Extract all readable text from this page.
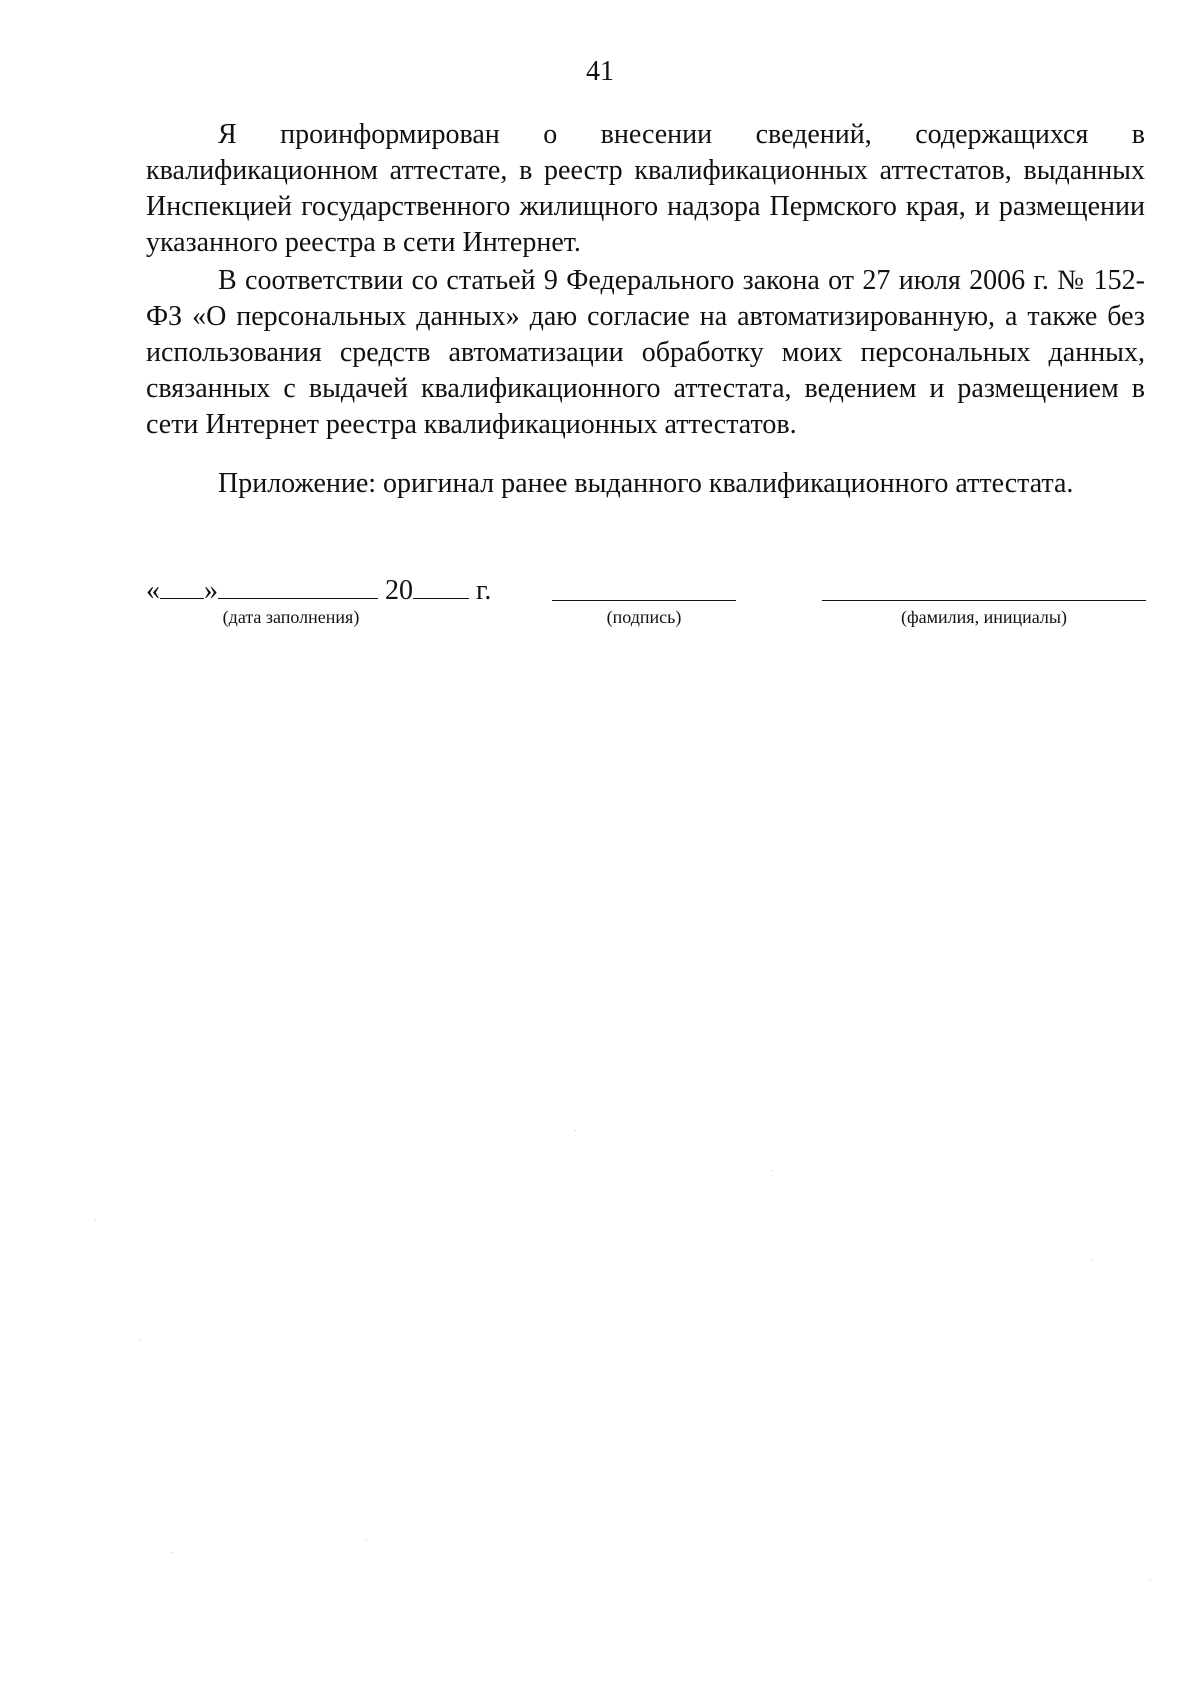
41

Я проинформирован о внесении сведений, содержащихся в квалификационном аттестате, в реестр квалификационных аттестатов, выданных Инспекцией государственного жилищного надзора Пермского края, и размещении указанного реестра в сети Интернет.

В соответствии со статьей 9 Федерального закона от 27 июля 2006 г. № 152-ФЗ «О персональных данных» даю согласие на автоматизированную, а также без использования средств автоматизации обработку моих персональных данных, связанных с выдачей квалификационного аттестата, ведением и размещением в сети Интернет реестра квалификационных аттестатов.

Приложение: оригинал ранее выданного квалификационного аттестата.
« »	20 г.
(дата заполнения)	(подпись)	(фамилия, инициалы)
